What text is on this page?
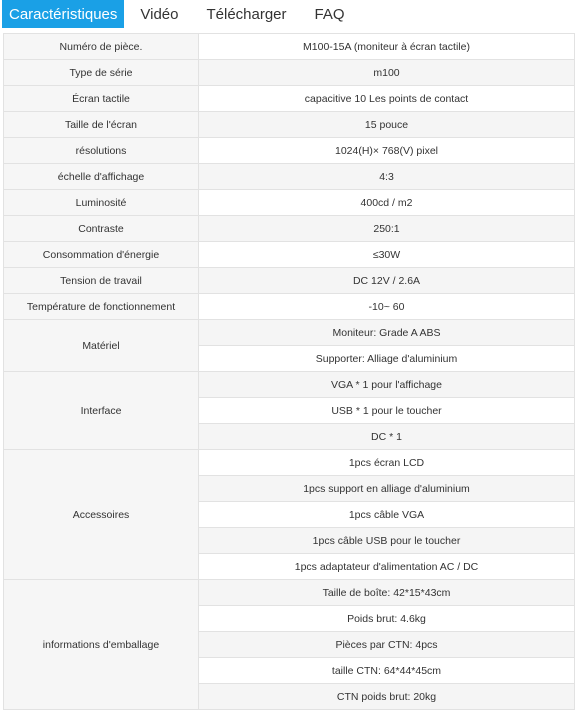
Caractéristiques	Vidéo	Télécharger	FAQ
Numéro de pièce.	M100-15A (moniteur à écran tactile)
Type de série	m100
Écran tactile	capacitive 10 Les points de contact
Taille de l'écran	15 pouce
résolutions	1024(H)× 768(V) pixel
échelle d'affichage	4:3
Luminosité	400cd / m2
Contraste	250:1
Consommation d'énergie	≤30W
Tension de travail	DC 12V / 2.6A
Température de fonctionnement	-10~ 60
Matériel	Moniteur: Grade A ABS
	Supporter: Alliage d'aluminium
Interface	VGA * 1 pour l'affichage
	USB * 1 pour le toucher
	DC * 1
Accessoires	1pcs écran LCD
	1pcs support en alliage d'aluminium
	1pcs câble VGA
	1pcs câble USB pour le toucher
	1pcs adaptateur d'alimentation AC / DC
informations d'emballage	Taille de boîte: 42*15*43cm
	Poids brut: 4.6kg
	Pièces par CTN: 4pcs
	taille CTN: 64*44*45cm
	CTN poids brut: 20kg
